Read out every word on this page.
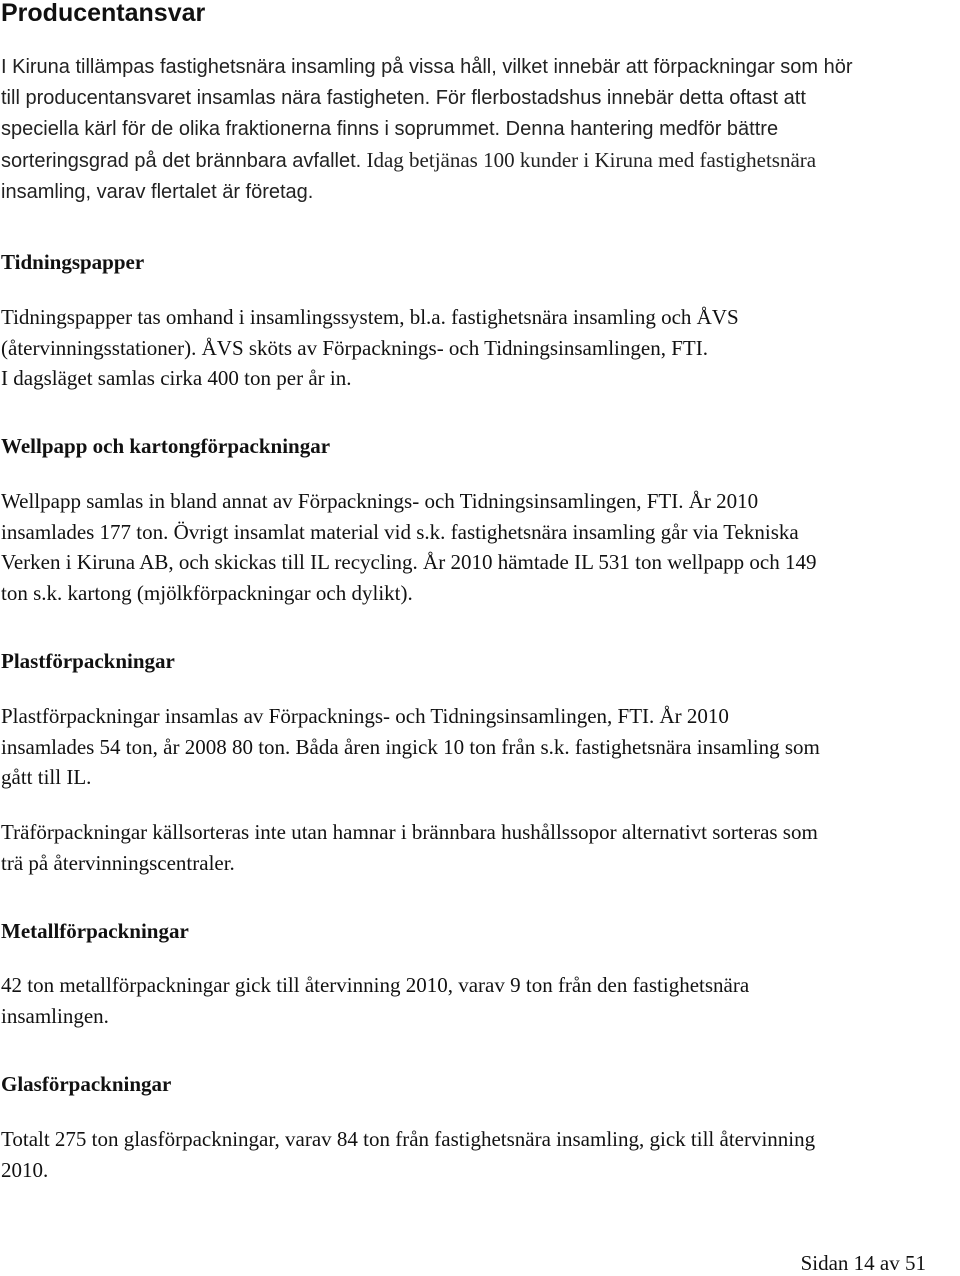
Producentansvar
I Kiruna tillämpas fastighetsnära insamling på vissa håll, vilket innebär att förpackningar som hör
till producentansvaret insamlas nära fastigheten. För flerbostadshus innebär detta oftast att
speciella kärl för de olika fraktionerna finns i soprummet. Denna hantering medför bättre
sorteringsgrad på det brännbara avfallet. Idag betjänas 100 kunder i Kiruna med fastighetsnära
insamling, varav flertalet är företag.
Tidningspapper

Tidningspapper tas omhand i insamlingssystem, bl.a. fastighetsnära insamling och ÅVS
(återvinningsstationer). ÅVS sköts av Förpacknings- och Tidningsinsamlingen, FTI.
I dagsläget samlas cirka 400 ton per år in.

Wellpapp och kartongförpackningar

Wellpapp samlas in bland annat av Förpacknings- och Tidningsinsamlingen, FTI. År 2010
insamlades 177 ton. Övrigt insamlat material vid s.k. fastighetsnära insamling går via Tekniska
Verken i Kiruna AB, och skickas till IL recycling. År 2010 hämtade IL 531 ton wellpapp och 149
ton s.k. kartong (mjölkförpackningar och dylikt).

Plastförpackningar

Plastförpackningar insamlas av Förpacknings- och Tidningsinsamlingen, FTI. År 2010
insamlades 54 ton, år 2008 80 ton. Båda åren ingick 10 ton från s.k. fastighetsnära insamling som
gått till IL.

Träförpackningar källsorteras inte utan hamnar i brännbara hushållssopor alternativt sorteras som
trä på återvinningscentraler.

Metallförpackningar

42 ton metallförpackningar gick till återvinning 2010, varav 9 ton från den fastighetsnära
insamlingen.

Glasförpackningar

Totalt 275 ton glasförpackningar, varav 84 ton från fastighetsnära insamling, gick till återvinning
2010.

Sidan 14 av 51
